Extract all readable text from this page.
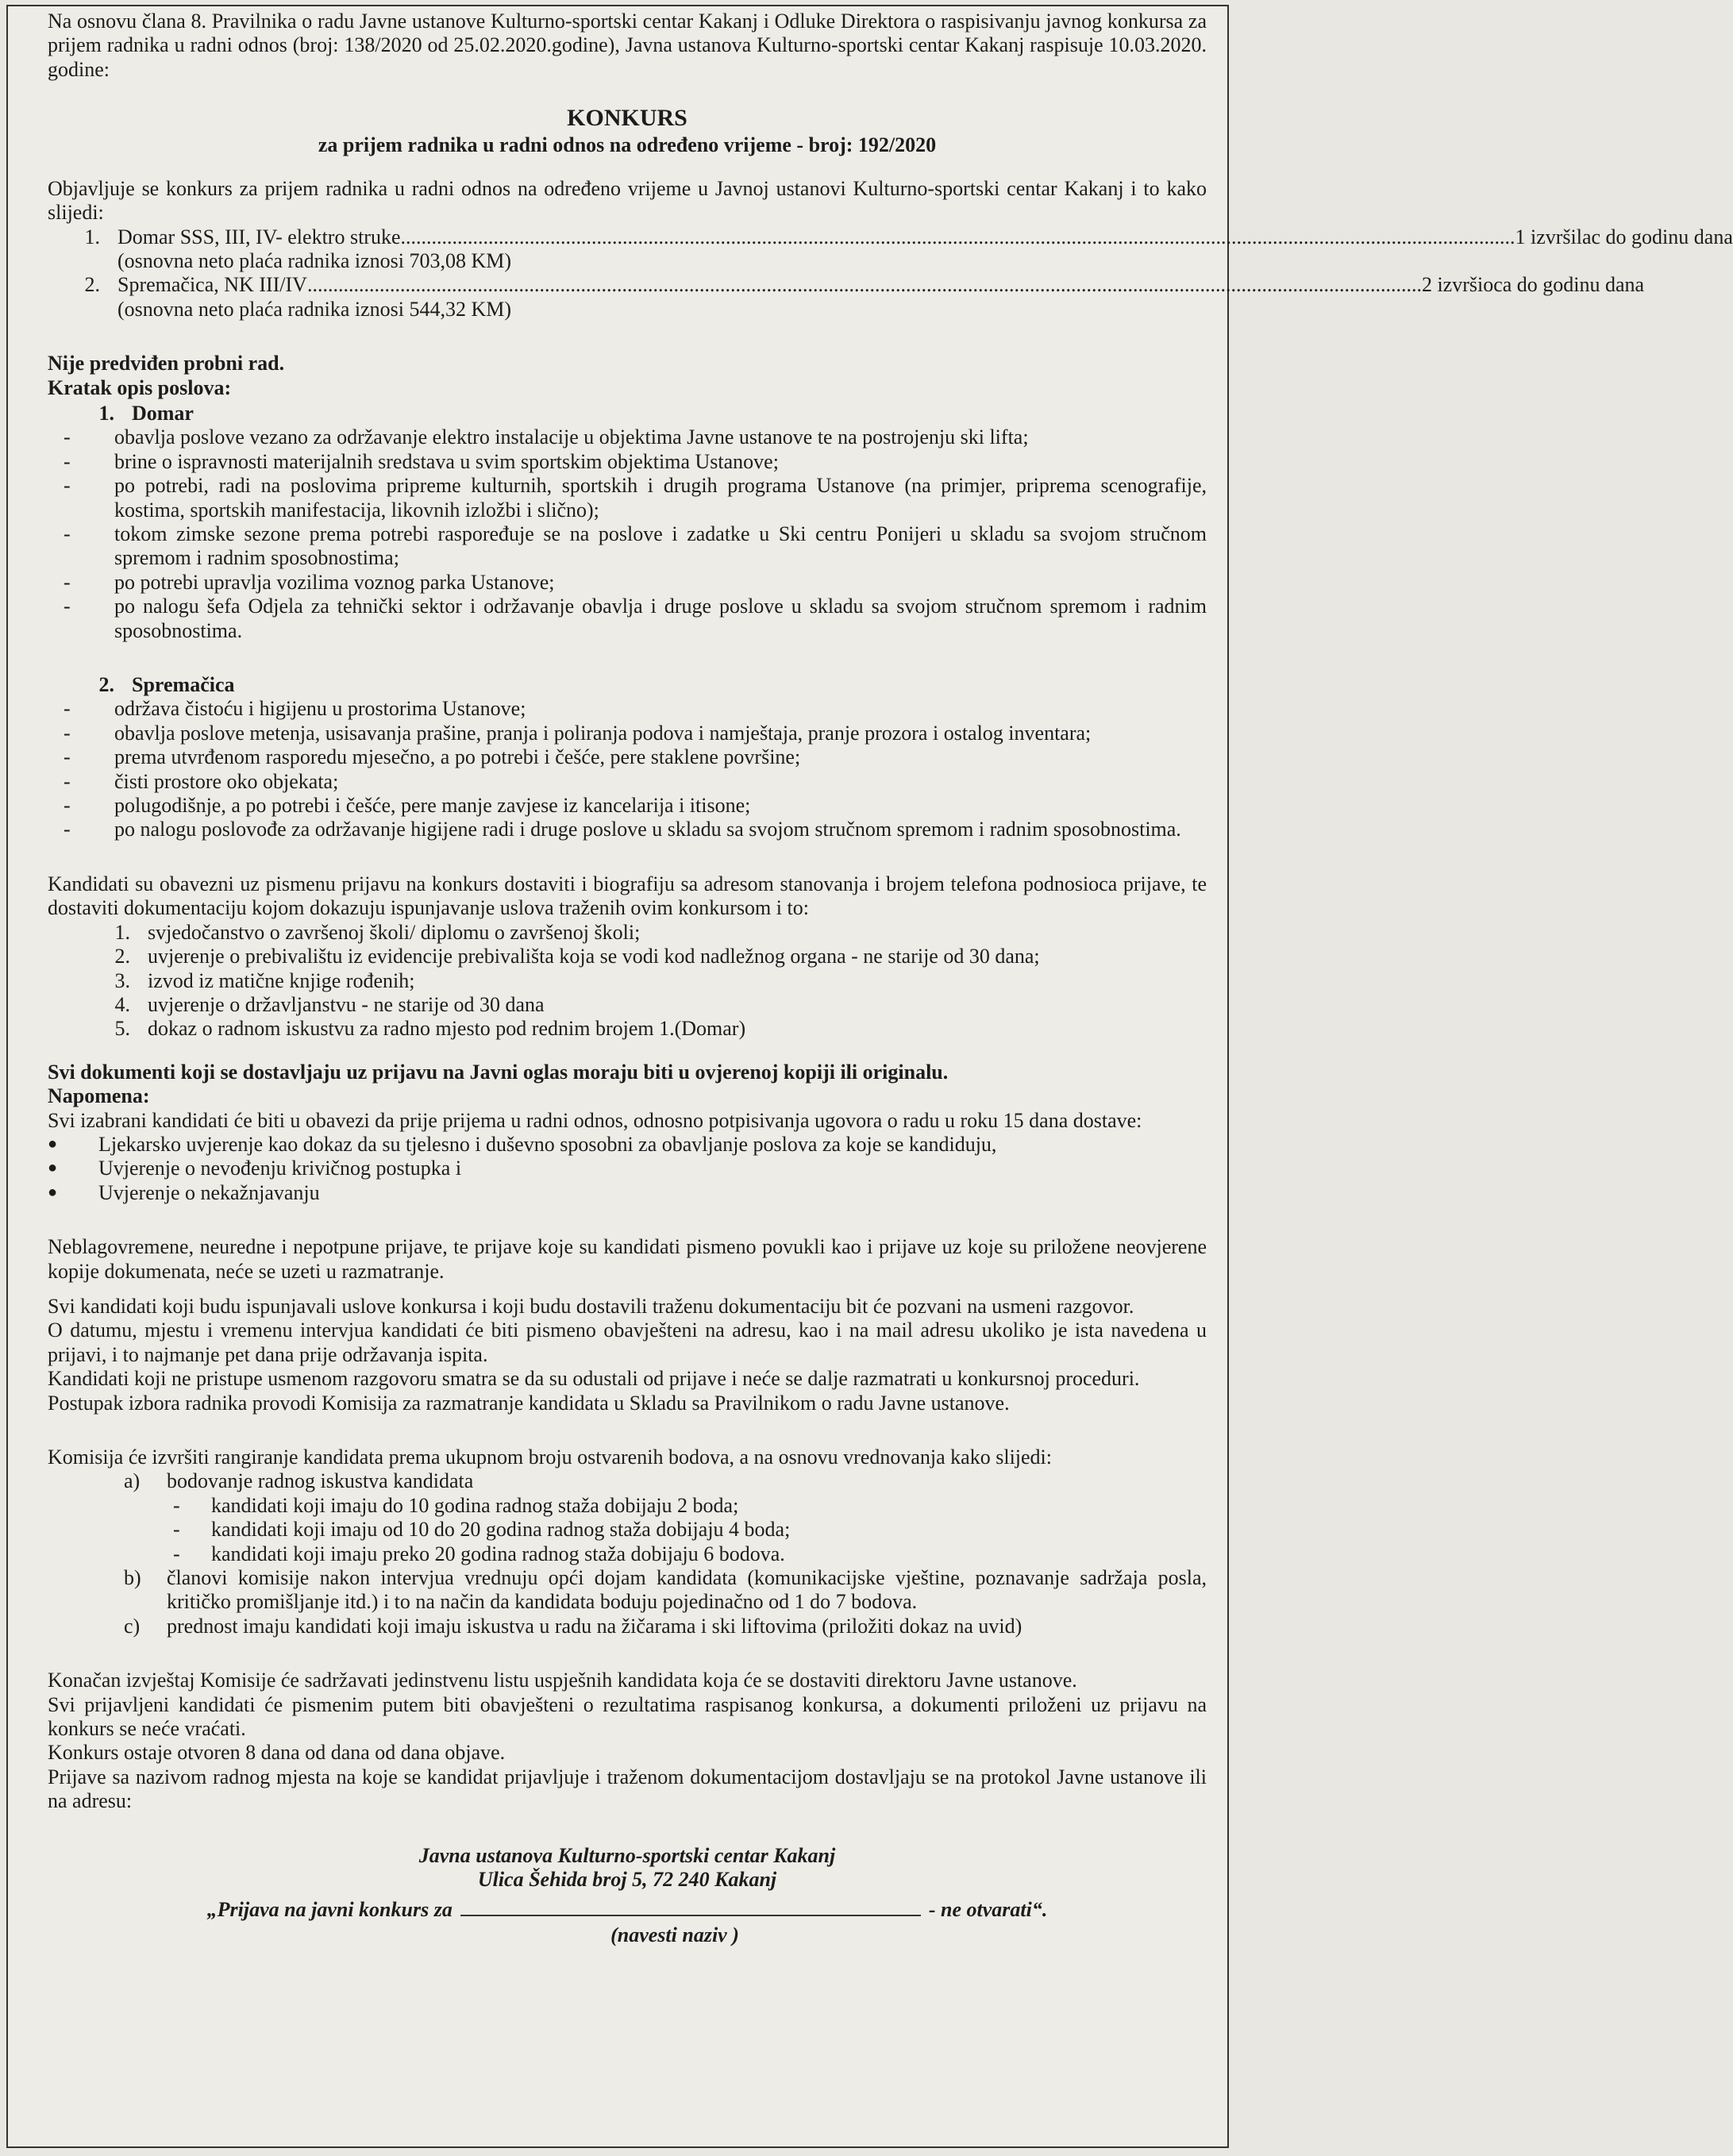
Na osnovu člana 8. Pravilnika o radu Javne ustanove Kulturno-sportski centar Kakanj i Odluke Direktora o raspisivanju javnog konkursa za prijem radnika u radni odnos (broj: 138/2020 od 25.02.2020.godine), Javna ustanova Kulturno-sportski centar Kakanj raspisuje 10.03.2020. godine:

KONKURS
za prijem radnika u radni odnos na određeno vrijeme - broj: 192/2020

Objavljuje se konkurs za prijem radnika u radni odnos na određeno vrijeme u Javnoj ustanovi Kulturno-sportski centar Kakanj i to kako slijedi:

1. Domar SSS, III, IV- elektro struke .....	1 izvršilac do godinu dana
(osnovna neto plaća radnika iznosi 703,08 KM)
2. Spremačica, NK III/IV .....	2 izvršioca do godinu dana
(osnovna neto plaća radnika iznosi 544,32 KM)

Nije predviđen probni rad.

Kratak opis poslova:

1. Domar
-	obavlja poslove vezano za održavanje elektro instalacije u objektima Javne ustanove te na postrojenju ski lifta;
-	brine o ispravnosti materijalnih sredstava u svim sportskim objektima Ustanove;
-	po potrebi, radi na poslovima pripreme kulturnih, sportskih i drugih programa Ustanove (na primjer, priprema scenografije, kostima, sportskih manifestacija, likovnih izložbi i slično);
-	tokom zimske sezone prema potrebi raspoređuje se na poslove i zadatke u Ski centru Ponijeri u skladu sa svojom stručnom spremom i radnim sposobnostima;
-	po potrebi upravlja vozilima voznog parka Ustanove;
-	po nalogu šefa Odjela za tehnički sektor i održavanje obavlja i druge poslove u skladu sa svojom stručnom spremom i radnim sposobnostima.
2. Spremačica
-	održava čistoću i higijenu u prostorima Ustanove;
-	obavlja poslove metenja, usisavanja prašine, pranja i poliranja podova i namještaja, pranje prozora i ostalog inventara;
-	prema utvrđenom rasporedu mjesečno, a po potrebi i češće, pere staklene površine;
-	čisti prostore oko objekata;
-	polugodišnje, a po potrebi i češće, pere manje zavjese iz kancelarija i itisone;
-	po nalogu poslovođe za održavanje higijene radi i druge poslove u skladu sa svojom stručnom spremom i radnim sposobnostima.

Kandidati su obavezni uz pismenu prijavu na konkurs dostaviti i biografiju sa adresom stanovanja i brojem telefona podnosioca prijave, te dostaviti dokumentaciju kojom dokazuju ispunjavanje uslova traženih ovim konkursom i to:

1. svjedočanstvo o završenoj školi/ diplomu o završenoj školi;
2. uvjerenje o prebivalištu iz evidencije prebivališta koja se vodi kod nadležnog organa - ne starije od 30 dana;
3. izvod iz matične knjige rođenih;
4. uvjerenje o državljanstvu - ne starije od 30 dana
5. dokaz o radnom iskustvu za radno mjesto pod rednim brojem 1.(Domar)

Svi dokumenti koji se dostavljaju uz prijavu na Javni oglas moraju biti u ovjerenoj kopiji ili originalu.

Napomena:

Svi izabrani kandidati će biti u obavezi da prije prijema u radni odnos, odnosno potpisivanja ugovora o radu u roku 15 dana dostave:

●	Ljekarsko uvjerenje kao dokaz da su tjelesno i duševno sposobni za obavljanje poslova za koje se kandiduju,
●	Uvjerenje o nevođenju krivičnog postupka i
●	Uvjerenje o nekažnjavanju

Neblagovremene, neuredne i nepotpune prijave, te prijave koje su kandidati pismeno povukli kao i prijave uz koje su priložene neovjerene kopije dokumenata, neće se uzeti u razmatranje.

Svi kandidati koji budu ispunjavali uslove konkursa i koji budu dostavili traženu dokumentaciju bit će pozvani na usmeni razgovor.

O datumu, mjestu i vremenu intervjua kandidati će biti pismeno obavješteni na adresu, kao i na mail adresu ukoliko je ista navedena u prijavi, i to najmanje pet dana prije održavanja ispita.

Kandidati koji ne pristupe usmenom razgovoru smatra se da su odustali od prijave i neće se dalje razmatrati u konkursnoj proceduri.

Postupak izbora radnika provodi Komisija za razmatranje kandidata u Skladu sa Pravilnikom o radu Javne ustanove.

Komisija će izvršiti rangiranje kandidata prema ukupnom broju ostvarenih bodova, a na osnovu vrednovanja kako slijedi:

a)	bodovanje radnog iskustva kandidata
-	kandidati koji imaju do 10 godina radnog staža dobijaju 2 boda;
-	kandidati koji imaju od 10 do 20 godina radnog staža dobijaju 4 boda;
-	kandidati koji imaju preko 20 godina radnog staža dobijaju 6 bodova.
b)	članovi komisije nakon intervjua vrednuju opći dojam kandidata (komunikacijske vještine, poznavanje sadržaja posla, kritičko promišljanje itd.) i to na način da kandidata boduju pojedinačno od 1 do 7 bodova.
c)	prednost imaju kandidati koji imaju iskustva u radu na žičarama i ski liftovima (priložiti dokaz na uvid)

Konačan izvještaj Komisije će sadržavati jedinstvenu listu uspješnih kandidata koja će se dostaviti direktoru Javne ustanove.

Svi prijavljeni kandidati će pismenim putem biti obavješteni o rezultatima raspisanog konkursa, a dokumenti priloženi uz prijavu na konkurs se neće vraćati.

Konkurs ostaje otvoren 8 dana od dana od dana objave.

Prijave sa nazivom radnog mjesta na koje se kandidat prijavljuje i traženom dokumentacijom dostavljaju se na protokol Javne ustanove ili na adresu:

Javna ustanova Kulturno-sportski centar Kakanj
Ulica Šehida broj 5, 72 240 Kakanj
„Prijava na javni konkurs za	- ne otvarati“.
(navesti naziv )
